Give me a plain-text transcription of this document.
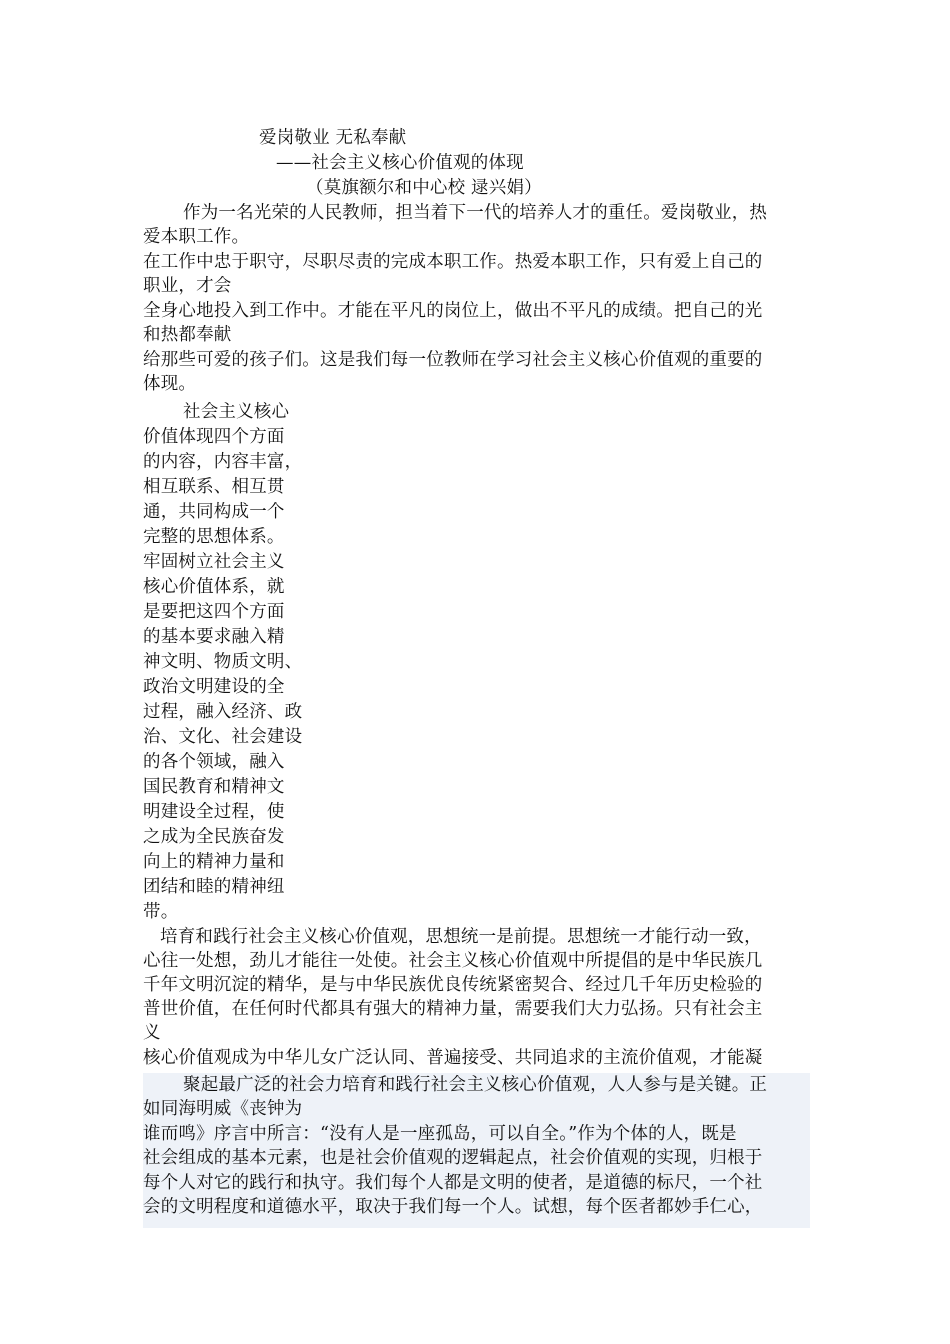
爱岗敬业 无私奉献
——社会主义核心价值观的体现
（莫旗额尔和中心校 逯兴娟）
作为一名光荣的人民教师，担当着下一代的培养人才的重任。爱岗敬业，热
爱本职工作。
在工作中忠于职守，尽职尽责的完成本职工作。热爱本职工作，只有爱上自己的
职业，才会
全身心地投入到工作中。才能在平凡的岗位上，做出不平凡的成绩。把自己的光
和热都奉献
给那些可爱的孩子们。这是我们每一位教师在学习社会主义核心价值观的重要的
体现。
社会主义核心
价值体现四个方面
的内容，内容丰富，
相互联系、相互贯
通，共同构成一个
完整的思想体系。
牢固树立社会主义
核心价值体系，就
是要把这四个方面
的基本要求融入精
神文明、物质文明、
政治文明建设的全
过程，融入经济、政
治、文化、社会建设
的各个领域，融入
国民教育和精神文
明建设全过程，使
之成为全民族奋发
向上的精神力量和
团结和睦的精神纽
带。
培育和践行社会主义核心价值观，思想统一是前提。思想统一才能行动一致，
心往一处想，劲儿才能往一处使。社会主义核心价值观中所提倡的是中华民族几
千年文明沉淀的精华，是与中华民族优良传统紧密契合、经过几千年历史检验的
普世价值，在任何时代都具有强大的精神力量，需要我们大力弘扬。只有社会主
义
核心价值观成为中华儿女广泛认同、普遍接受、共同追求的主流价值观，才能凝
聚起最广泛的社会力培育和践行社会主义核心价值观，人人参与是关键。正
如同海明威《丧钟为
谁而鸣》序言中所言：“没有人是一座孤岛，可以自全。”作为个体的人，既是
社会组成的基本元素，也是社会价值观的逻辑起点，社会价值观的实现，归根于
每个人对它的践行和执守。我们每个人都是文明的使者，是道德的标尺，一个社
会的文明程度和道德水平，取决于我们每一个人。试想，每个医者都妙手仁心，
